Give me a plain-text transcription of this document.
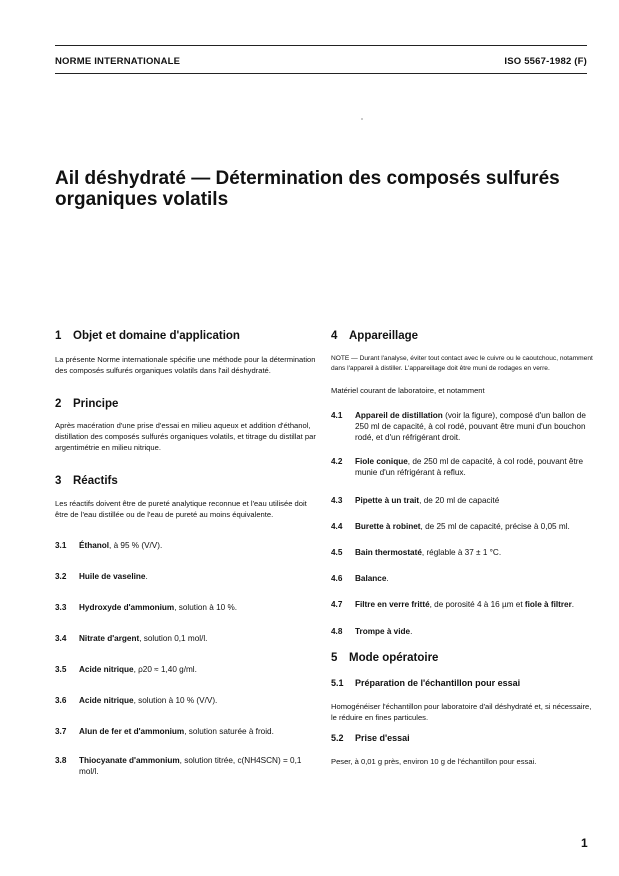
NORME INTERNATIONALE	ISO 5567-1982 (F)
Ail déshydraté — Détermination des composés sulfurés
organiques volatils
1	Objet et domaine d'application

La présente Norme internationale spécifie une méthode pour la détermination des composés sulfurés organiques volatils dans l'ail déshydraté.

2	Principe

Après macération d'une prise d'essai en milieu aqueux et addition d'éthanol, distillation des composés sulfurés organiques volatils, et titrage du distillat par argentimétrie en milieu nitrique.

3	Réactifs

Les réactifs doivent être de pureté analytique reconnue et l'eau utilisée doit être de l'eau distillée ou de l'eau de pureté au moins équivalente.

3.1	Éthanol, à 95 % (V/V).
3.2	Huile de vaseline.
3.3	Hydroxyde d'ammonium, solution à 10 %.
3.4	Nitrate d'argent, solution 0,1 mol/l.
3.5	Acide nitrique, ρ20 ≈ 1,40 g/ml.
3.6	Acide nitrique, solution à 10 % (V/V).
3.7	Alun de fer et d'ammonium, solution saturée à froid.
3.8	Thiocyanate d'ammonium, solution titrée, c(NH4SCN) = 0,1 mol/l.
4	Appareillage

NOTE — Durant l'analyse, éviter tout contact avec le cuivre ou le caoutchouc, notamment dans l'appareil à distiller. L'appareillage doit être muni de rodages en verre.

Matériel courant de laboratoire, et notamment

4.1	Appareil de distillation (voir la figure), composé d'un ballon de 250 ml de capacité, à col rodé, pouvant être muni d'un bouchon rodé, et d'un réfrigérant droit.
4.2	Fiole conique, de 250 ml de capacité, à col rodé, pouvant être munie d'un réfrigérant à reflux.
4.3	Pipette à un trait, de 20 ml de capacité
4.4	Burette à robinet, de 25 ml de capacité, précise à 0,05 ml.
4.5	Bain thermostaté, réglable à 37 ± 1 °C.
4.6	Balance.
4.7	Filtre en verre fritté, de porosité 4 à 16 µm et fiole à filtrer.
4.8	Trompe à vide.
5	Mode opératoire
5.1	Préparation de l'échantillon pour essai

Homogénéiser l'échantillon pour laboratoire d'ail déshydraté et, si nécessaire, le réduire en fines particules.

5.2	Prise d'essai

Peser, à 0,01 g près, environ 10 g de l'échantillon pour essai.

1
